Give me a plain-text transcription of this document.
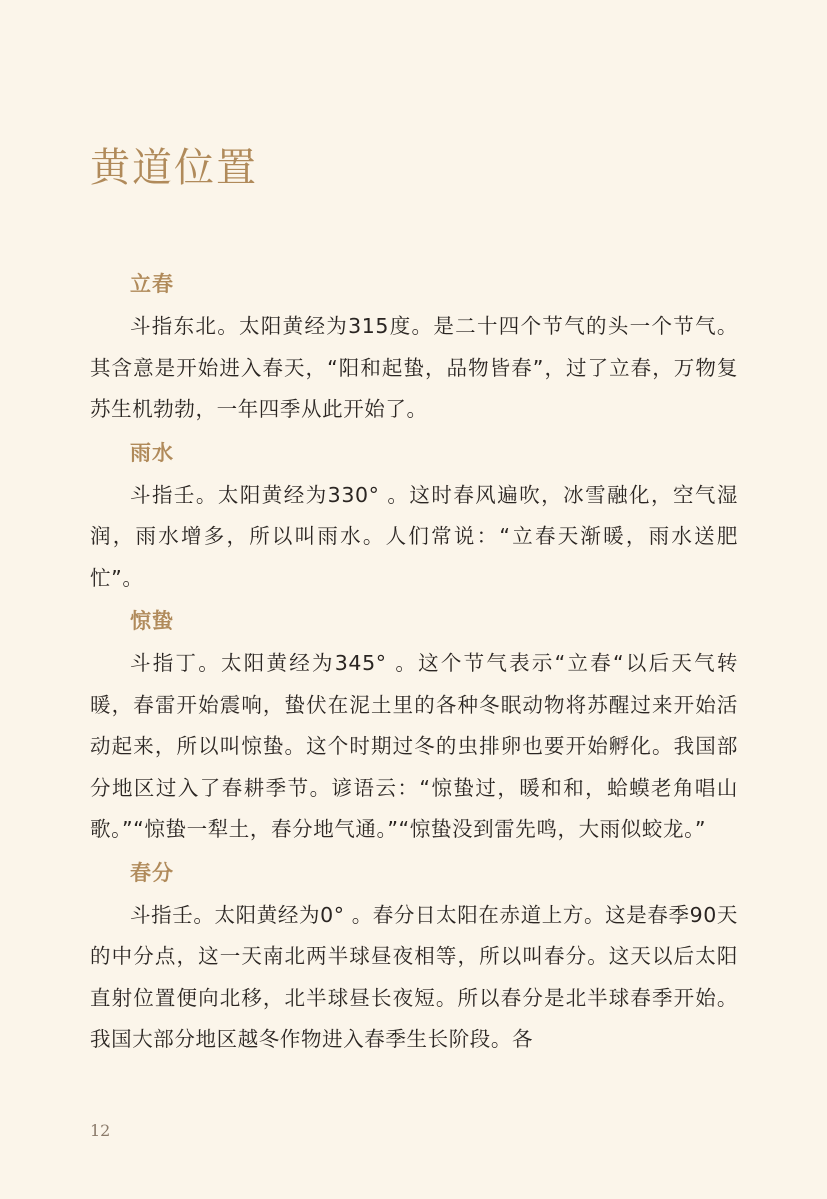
黄道位置

立春

斗指东北。太阳黄经为315度。是二十四个节气的头一个节气。其含意是开始进入春天，“阳和起蛰，品物皆春”，过了立春，万物复苏生机勃勃，一年四季从此开始了。

雨水

斗指壬。太阳黄经为330° 。这时春风遍吹，冰雪融化，空气湿润，雨水增多，所以叫雨水。人们常说：“立春天渐暖，雨水送肥忙”。

惊蛰

斗指丁。太阳黄经为345° 。这个节气表示“立春“以后天气转暖，春雷开始震响，蛰伏在泥土里的各种冬眠动物将苏醒过来开始活动起来，所以叫惊蛰。这个时期过冬的虫排卵也要开始孵化。我国部分地区过入了春耕季节。谚语云：“惊蛰过，暖和和，蛤蟆老角唱山歌。”“惊蛰一犁土，春分地气通。”“惊蛰没到雷先鸣，大雨似蛟龙。”

春分

斗指壬。太阳黄经为0° 。春分日太阳在赤道上方。这是春季90天的中分点，这一天南北两半球昼夜相等，所以叫春分。这天以后太阳直射位置便向北移，北半球昼长夜短。所以春分是北半球春季开始。我国大部分地区越冬作物进入春季生长阶段。各

12
